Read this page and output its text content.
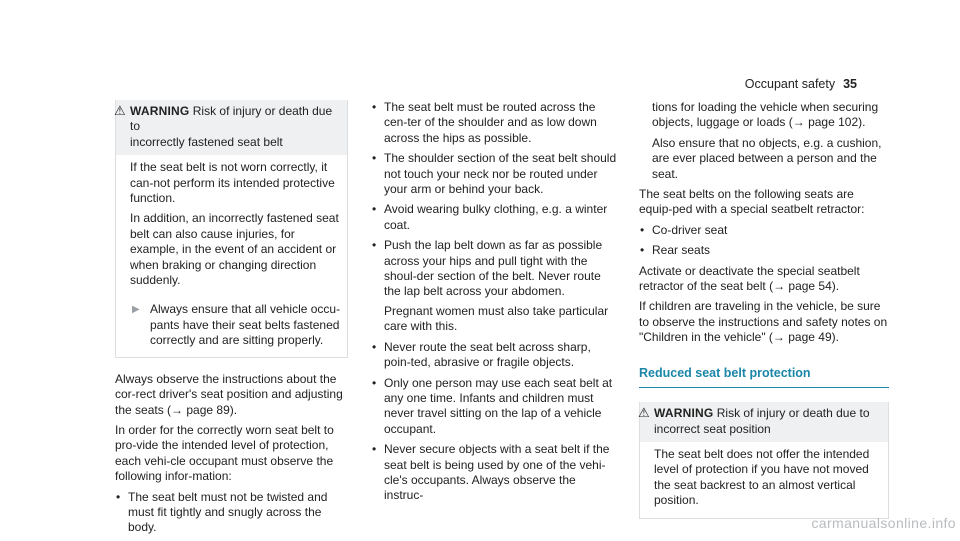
Occupant safety 35
⚠ WARNING Risk of injury or death due to
incorrectly fastened seat belt

If the seat belt is not worn correctly, it can-not perform its intended protective function.

In addition, an incorrectly fastened seat belt can also cause injuries, for example, in the event of an accident or when braking or changing direction suddenly.

▶ Always ensure that all vehicle occu-pants have their seat belts fastened correctly and are sitting properly.

Always observe the instructions about the cor-rect driver's seat position and adjusting the seats (→ page 89).

In order for the correctly worn seat belt to pro-vide the intended level of protection, each vehi-cle occupant must observe the following infor-mation:

• The seat belt must not be twisted and must fit tightly and snugly across the body.
• The seat belt must be routed across the cen-ter of the shoulder and as low down across the hips as possible.
• The shoulder section of the seat belt should not touch your neck nor be routed under your arm or behind your back.
• Avoid wearing bulky clothing, e.g. a winter coat.
• Push the lap belt down as far as possible across your hips and pull tight with the shoul-der section of the belt. Never route the lap belt across your abdomen.
Pregnant women must also take particular care with this.
• Never route the seat belt across sharp, poin-ted, abrasive or fragile objects.
• Only one person may use each seat belt at any one time. Infants and children must never travel sitting on the lap of a vehicle occupant.
• Never secure objects with a seat belt if the seat belt is being used by one of the vehi-cle's occupants. Always observe the instruc-

tions for loading the vehicle when securing objects, luggage or loads (→ page 102).

Also ensure that no objects, e.g. a cushion, are ever placed between a person and the seat.

The seat belts on the following seats are equip-ped with a special seatbelt retractor:

• Co-driver seat
• Rear seats

Activate or deactivate the special seatbelt retractor of the seat belt (→ page 54).

If children are traveling in the vehicle, be sure to observe the instructions and safety notes on "Children in the vehicle" (→ page 49).

Reduced seat belt protection
⚠ WARNING Risk of injury or death due to
incorrect seat position

The seat belt does not offer the intended level of protection if you have not moved the seat backrest to an almost vertical position.

carmanualsonline.info
